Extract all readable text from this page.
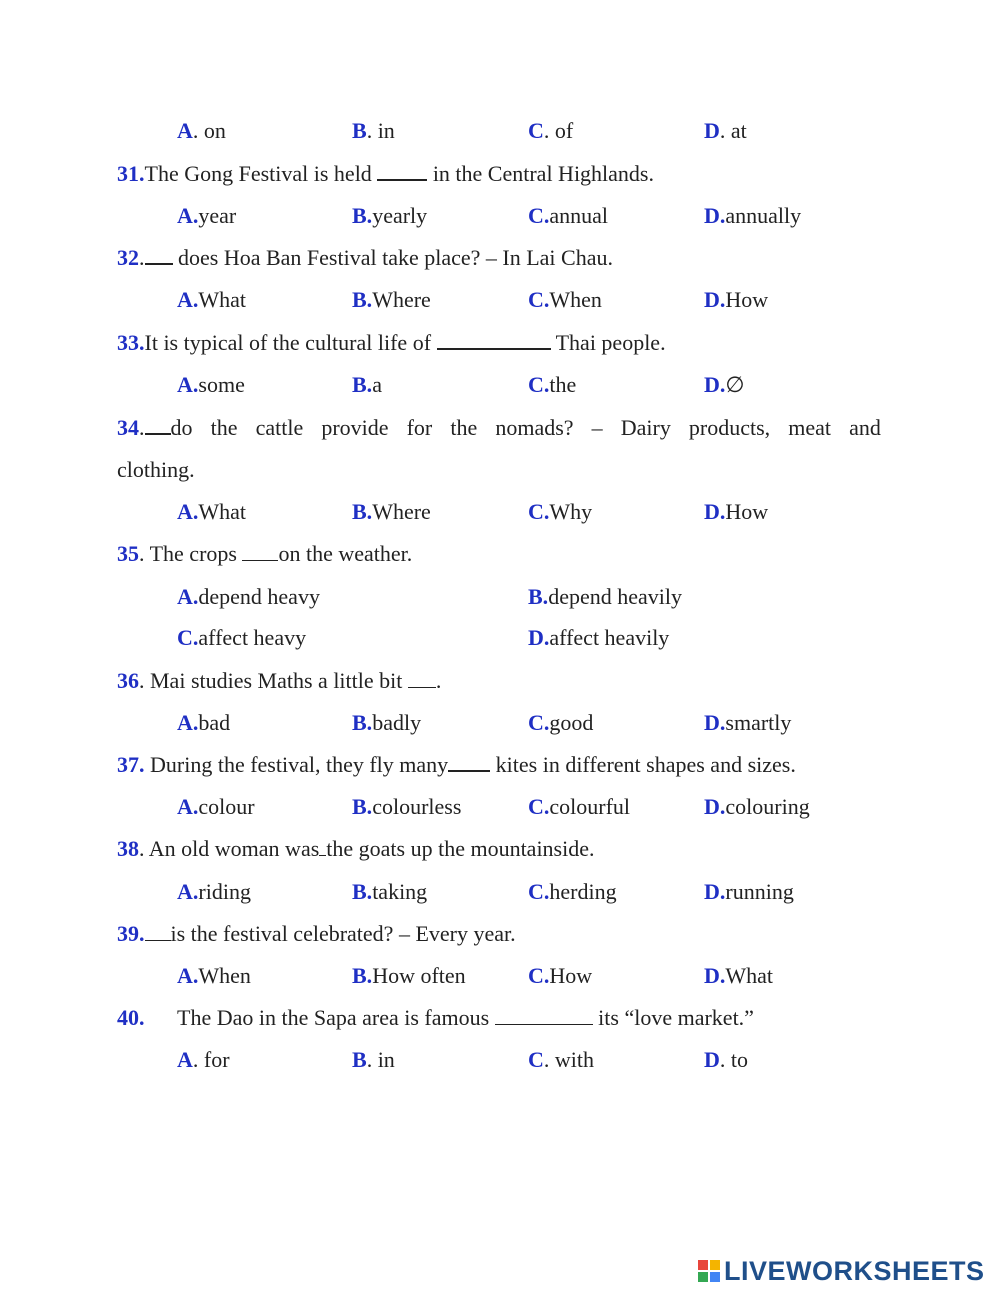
A. on	B. in	C. of	D. at
31.The Gong Festival is held  in the Central Highlands.
A.year	B.yearly	C.annual	D.annually
32. does Hoa Ban Festival take place? – In Lai Chau.
A.What	B.Where	C.When	D.How
33.It is typical of the cultural life of	Thai people.
A.some	B.a	C.the	D.∅
34. do the cattle provide for the nomads? – Dairy products, meat and
clothing.
A.What	B.Where	C.Why	D.How
35. The crops on the weather.
A.depend heavy	B.depend heavily
C.affect heavy	D.affect heavily
36. Mai studies Maths a little bit .
A.bad	B.badly	C.good	D.smartly
37. During the festival, they fly many kites in different shapes and sizes.
A.colour	B.colourless	C.colourful	D.colouring
38. An old woman was the goats up the mountainside.
A.riding	B.taking	C.herding	D.running
39. is the festival celebrated? – Every year.
A.When	B.How often	C.How	D.What
40. The Dao in the Sapa area is famous	its “love market.”
A. for	B. in	C. with	D. to
LIVEWORKSHEETS
